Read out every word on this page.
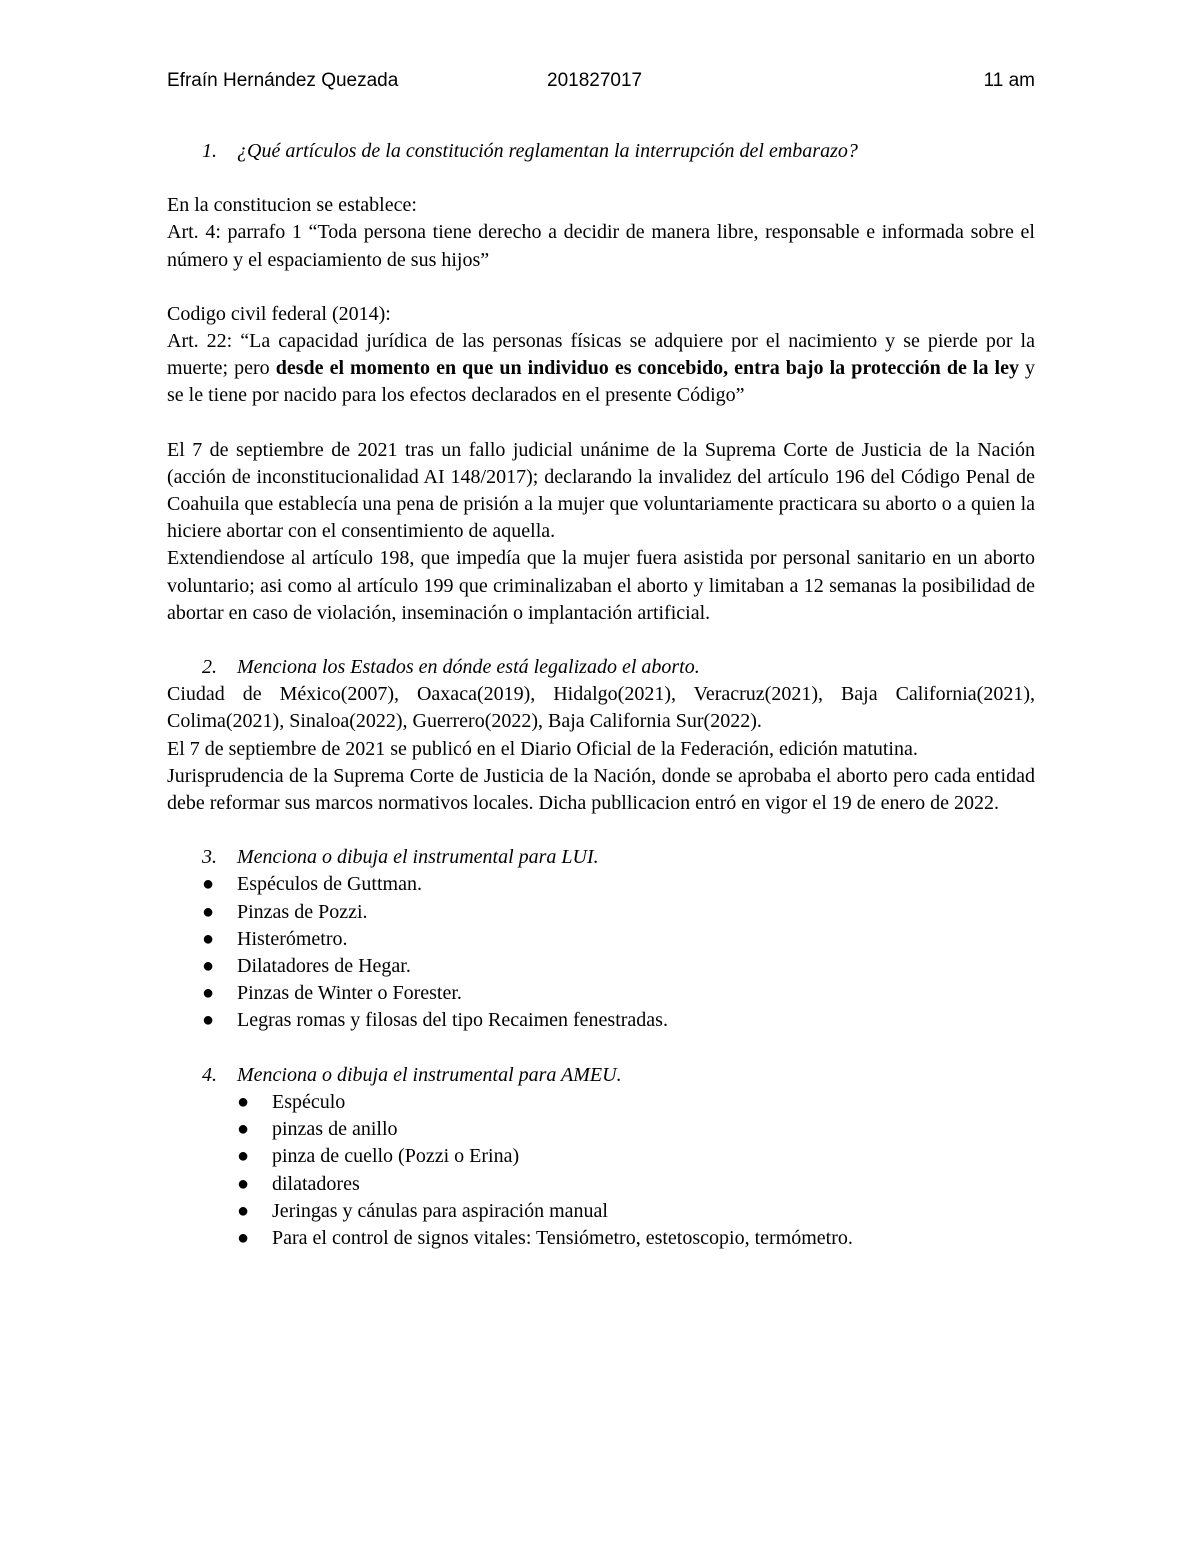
Efraín Hernández Quezada	201827017	11 am

1. ¿Qué artículos de la constitución reglamentan la interrupción del embarazo?

En la constitucion se establece:

Art. 4: parrafo 1 “Toda persona tiene derecho a decidir de manera libre, responsable e informada sobre el número y el espaciamiento de sus hijos”

Codigo civil federal (2014):

Art. 22: “La capacidad jurídica de las personas físicas se adquiere por el nacimiento y se pierde por la muerte; pero desde el momento en que un individuo es concebido, entra bajo la protección de la ley y se le tiene por nacido para los efectos declarados en el presente Código”

El 7 de septiembre de 2021 tras un fallo judicial unánime de la Suprema Corte de Justicia de la Nación (acción de inconstitucionalidad AI 148/2017); declarando la invalidez del artículo 196 del Código Penal de Coahuila que establecía una pena de prisión a la mujer que voluntariamente practicara su aborto o a quien la hiciere abortar con el consentimiento de aquella.

Extendiendose al artículo 198, que impedía que la mujer fuera asistida por personal sanitario en un aborto voluntario; asi como al artículo 199 que criminalizaban el aborto y limitaban a 12 semanas la posibilidad de abortar en caso de violación, inseminación o implantación artificial.

2. Menciona los Estados en dónde está legalizado el aborto.

Ciudad de México(2007), Oaxaca(2019), Hidalgo(2021), Veracruz(2021), Baja California(2021), Colima(2021), Sinaloa(2022), Guerrero(2022), Baja California Sur(2022).

El 7 de septiembre de 2021 se publicó en el Diario Oficial de la Federación, edición matutina.

Jurisprudencia de la Suprema Corte de Justicia de la Nación, donde se aprobaba el aborto pero cada entidad debe reformar sus marcos normativos locales. Dicha publlicacion entró en vigor el 19 de enero de 2022.

3. Menciona o dibuja el instrumental para LUI.

● Espéculos de Guttman.
● Pinzas de Pozzi.
● Histerómetro.
● Dilatadores de Hegar.
● Pinzas de Winter o Forester.
● Legras romas y filosas del tipo Recaimen fenestradas.

4. Menciona o dibuja el instrumental para AMEU.

● Espéculo
● pinzas de anillo
● pinza de cuello (Pozzi o Erina)
● dilatadores
● Jeringas y cánulas para aspiración manual
● Para el control de signos vitales: Tensiómetro, estetoscopio, termómetro.
